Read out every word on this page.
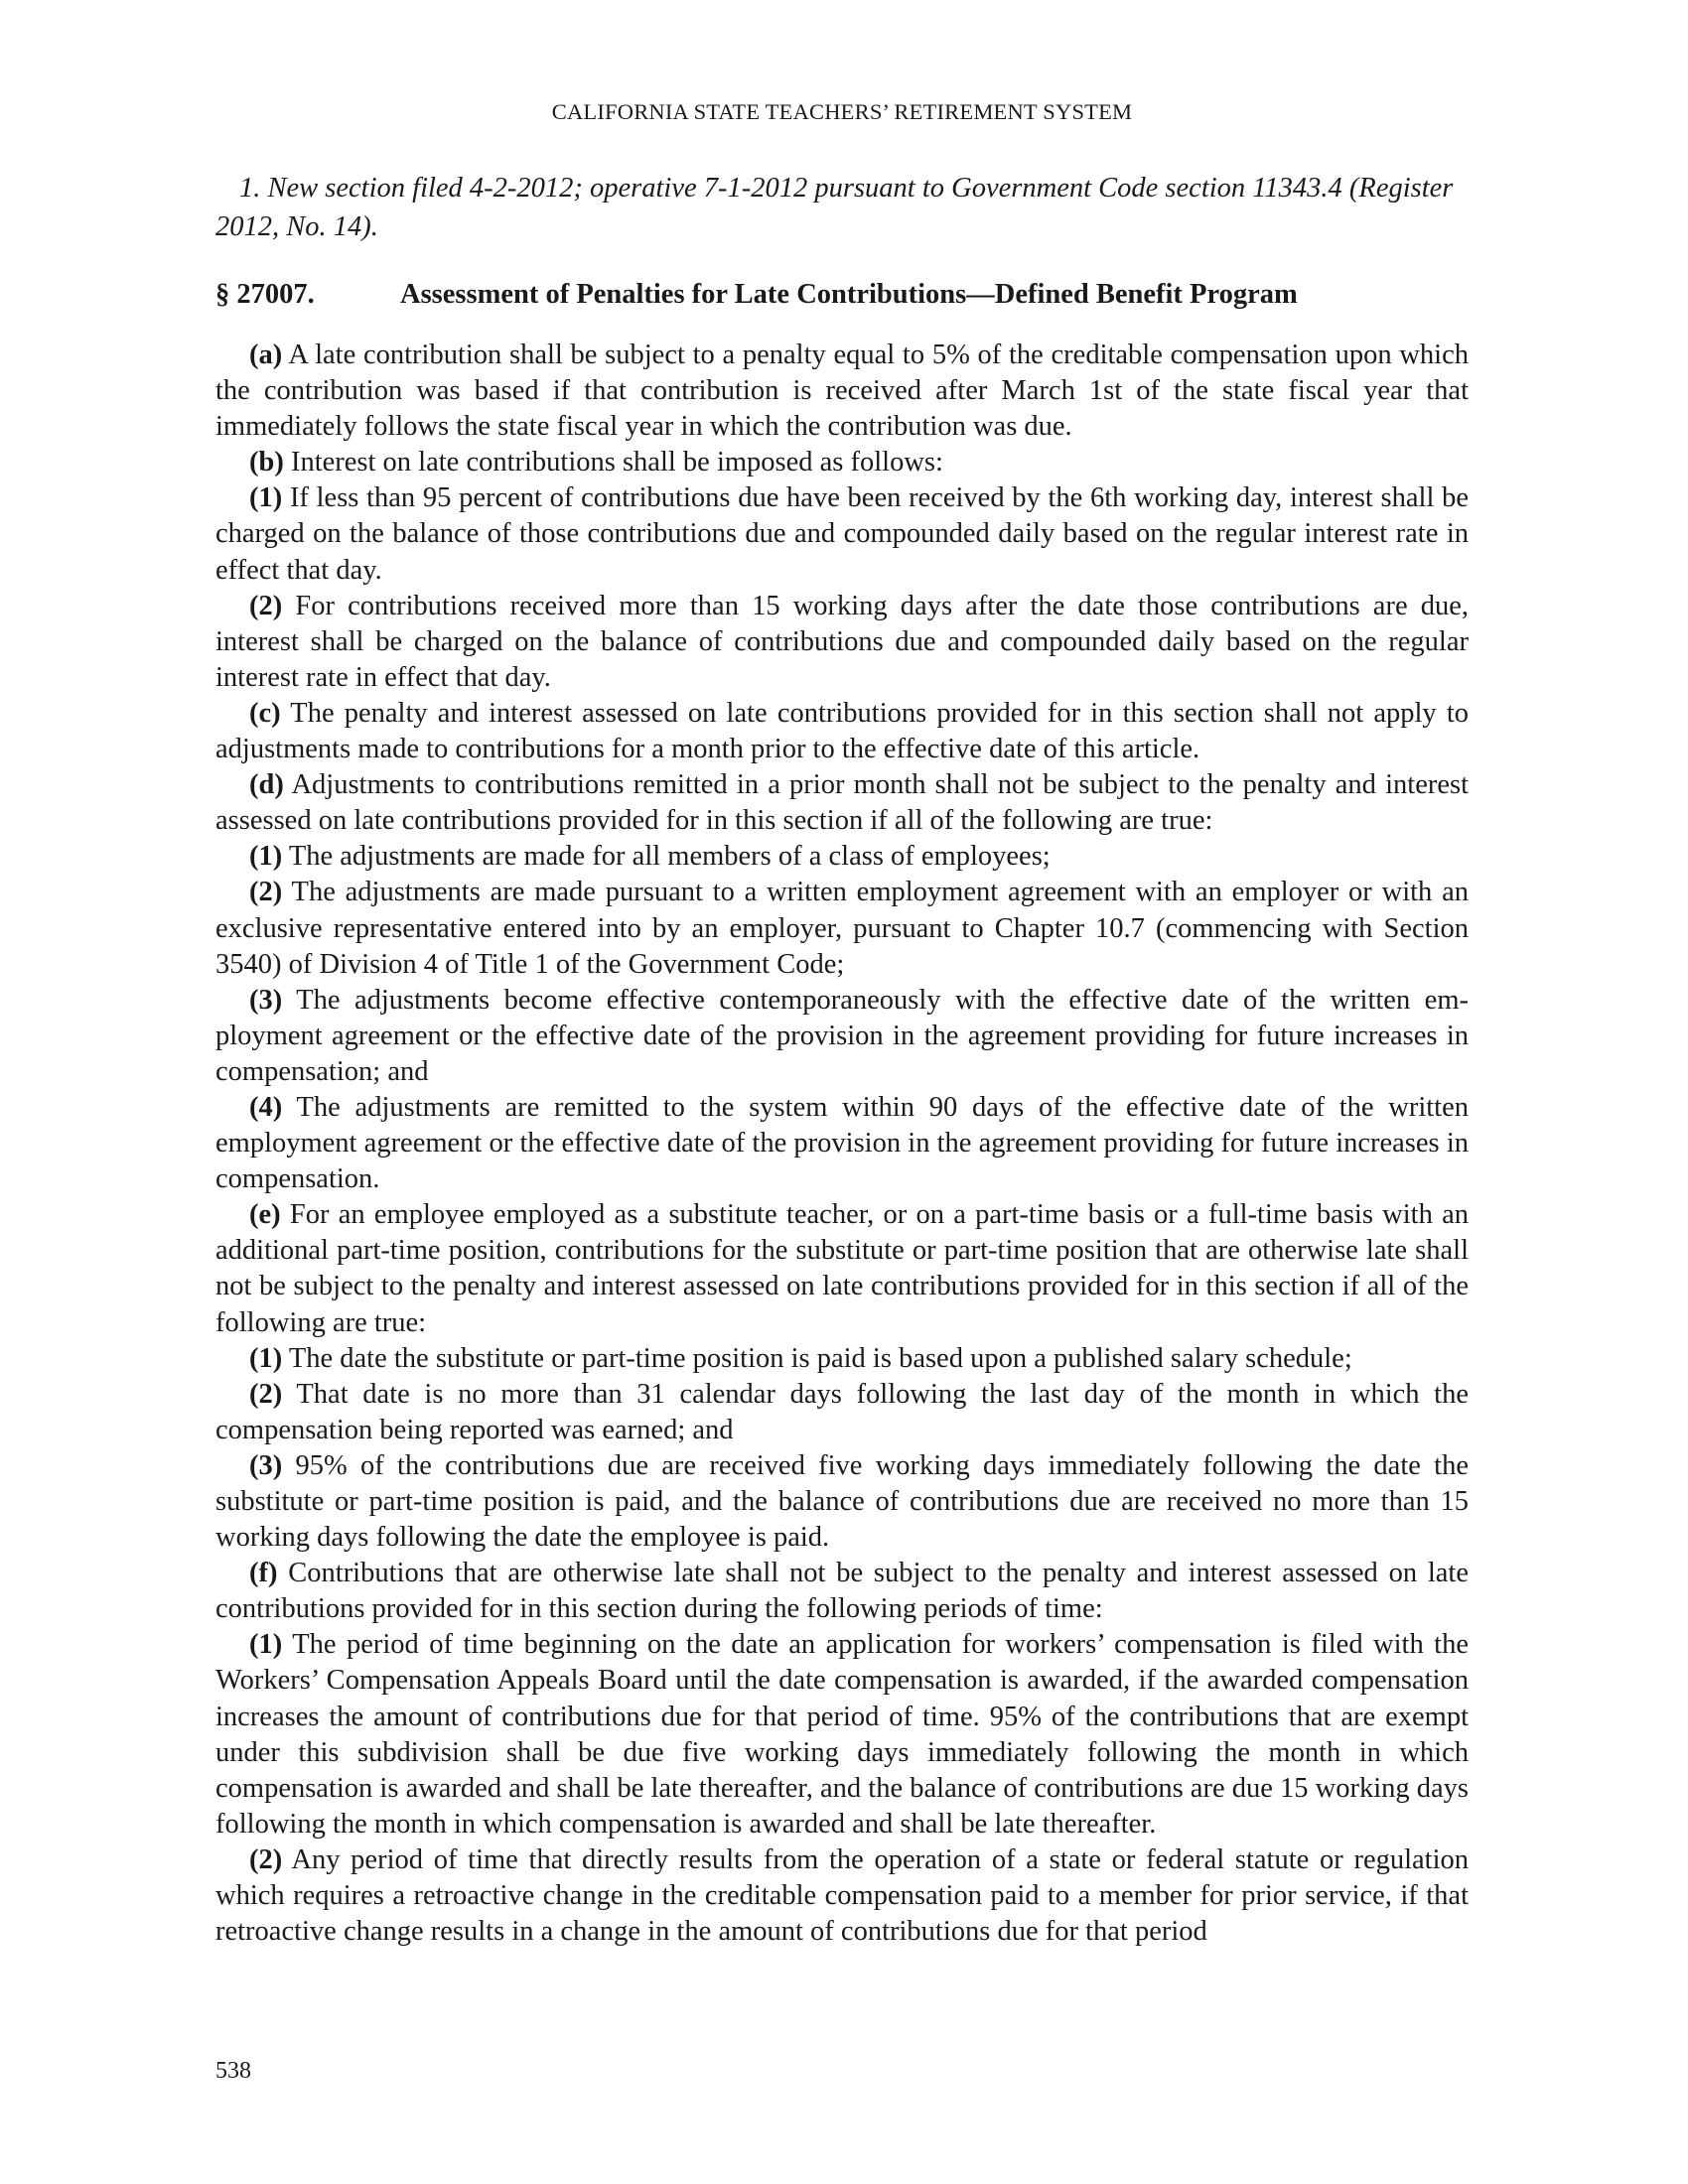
CALIFORNIA STATE TEACHERS’ RETIREMENT SYSTEM

1. New section filed 4-2-2012; operative 7-1-2012 pursuant to Government Code section 11343.4 (Register 2012, No. 14).

§ 27007.	Assessment of Penalties for Late Contributions—Defined Benefit Program

(a) A late contribution shall be subject to a penalty equal to 5% of the creditable compensation upon which the contribution was based if that contribution is received after March 1st of the state fiscal year that immediately follows the state fiscal year in which the contribution was due.

(b) Interest on late contributions shall be imposed as follows:

(1) If less than 95 percent of contributions due have been received by the 6th working day, interest shall be charged on the balance of those contributions due and compounded daily based on the regular interest rate in effect that day.

(2) For contributions received more than 15 working days after the date those contributions are due, interest shall be charged on the balance of contributions due and compounded daily based on the regular interest rate in effect that day.

(c) The penalty and interest assessed on late contributions provided for in this section shall not apply to adjustments made to contributions for a month prior to the effective date of this article.

(d) Adjustments to contributions remitted in a prior month shall not be subject to the penalty and interest assessed on late contributions provided for in this section if all of the following are true:

(1) The adjustments are made for all members of a class of employees;

(2) The adjustments are made pursuant to a written employment agreement with an employer or with an exclusive representative entered into by an employer, pursuant to Chapter 10.7 (commencing with Section 3540) of Division 4 of Title 1 of the Government Code;

(3) The adjustments become effective contemporaneously with the effective date of the written employment agreement or the effective date of the provision in the agreement providing for future increases in compensation; and

(4) The adjustments are remitted to the system within 90 days of the effective date of the written employment agreement or the effective date of the provision in the agreement providing for future increases in compensation.

(e) For an employee employed as a substitute teacher, or on a part-time basis or a full-time basis with an additional part-time position, contributions for the substitute or part-time position that are otherwise late shall not be subject to the penalty and interest assessed on late contributions provided for in this section if all of the following are true:

(1) The date the substitute or part-time position is paid is based upon a published salary schedule;

(2) That date is no more than 31 calendar days following the last day of the month in which the compensation being reported was earned; and

(3) 95% of the contributions due are received five working days immediately following the date the substitute or part-time position is paid, and the balance of contributions due are received no more than 15 working days following the date the employee is paid.

(f) Contributions that are otherwise late shall not be subject to the penalty and interest assessed on late contributions provided for in this section during the following periods of time:

(1) The period of time beginning on the date an application for workers’ compensation is filed with the Workers’ Compensation Appeals Board until the date compensation is awarded, if the awarded compensation increases the amount of contributions due for that period of time. 95% of the contributions that are exempt under this subdivision shall be due five working days immediately following the month in which compensation is awarded and shall be late thereafter, and the balance of contributions are due 15 working days following the month in which compensation is awarded and shall be late thereafter.

(2) Any period of time that directly results from the operation of a state or federal statute or regulation which requires a retroactive change in the creditable compensation paid to a member for prior service, if that retroactive change results in a change in the amount of contributions due for that period

538
